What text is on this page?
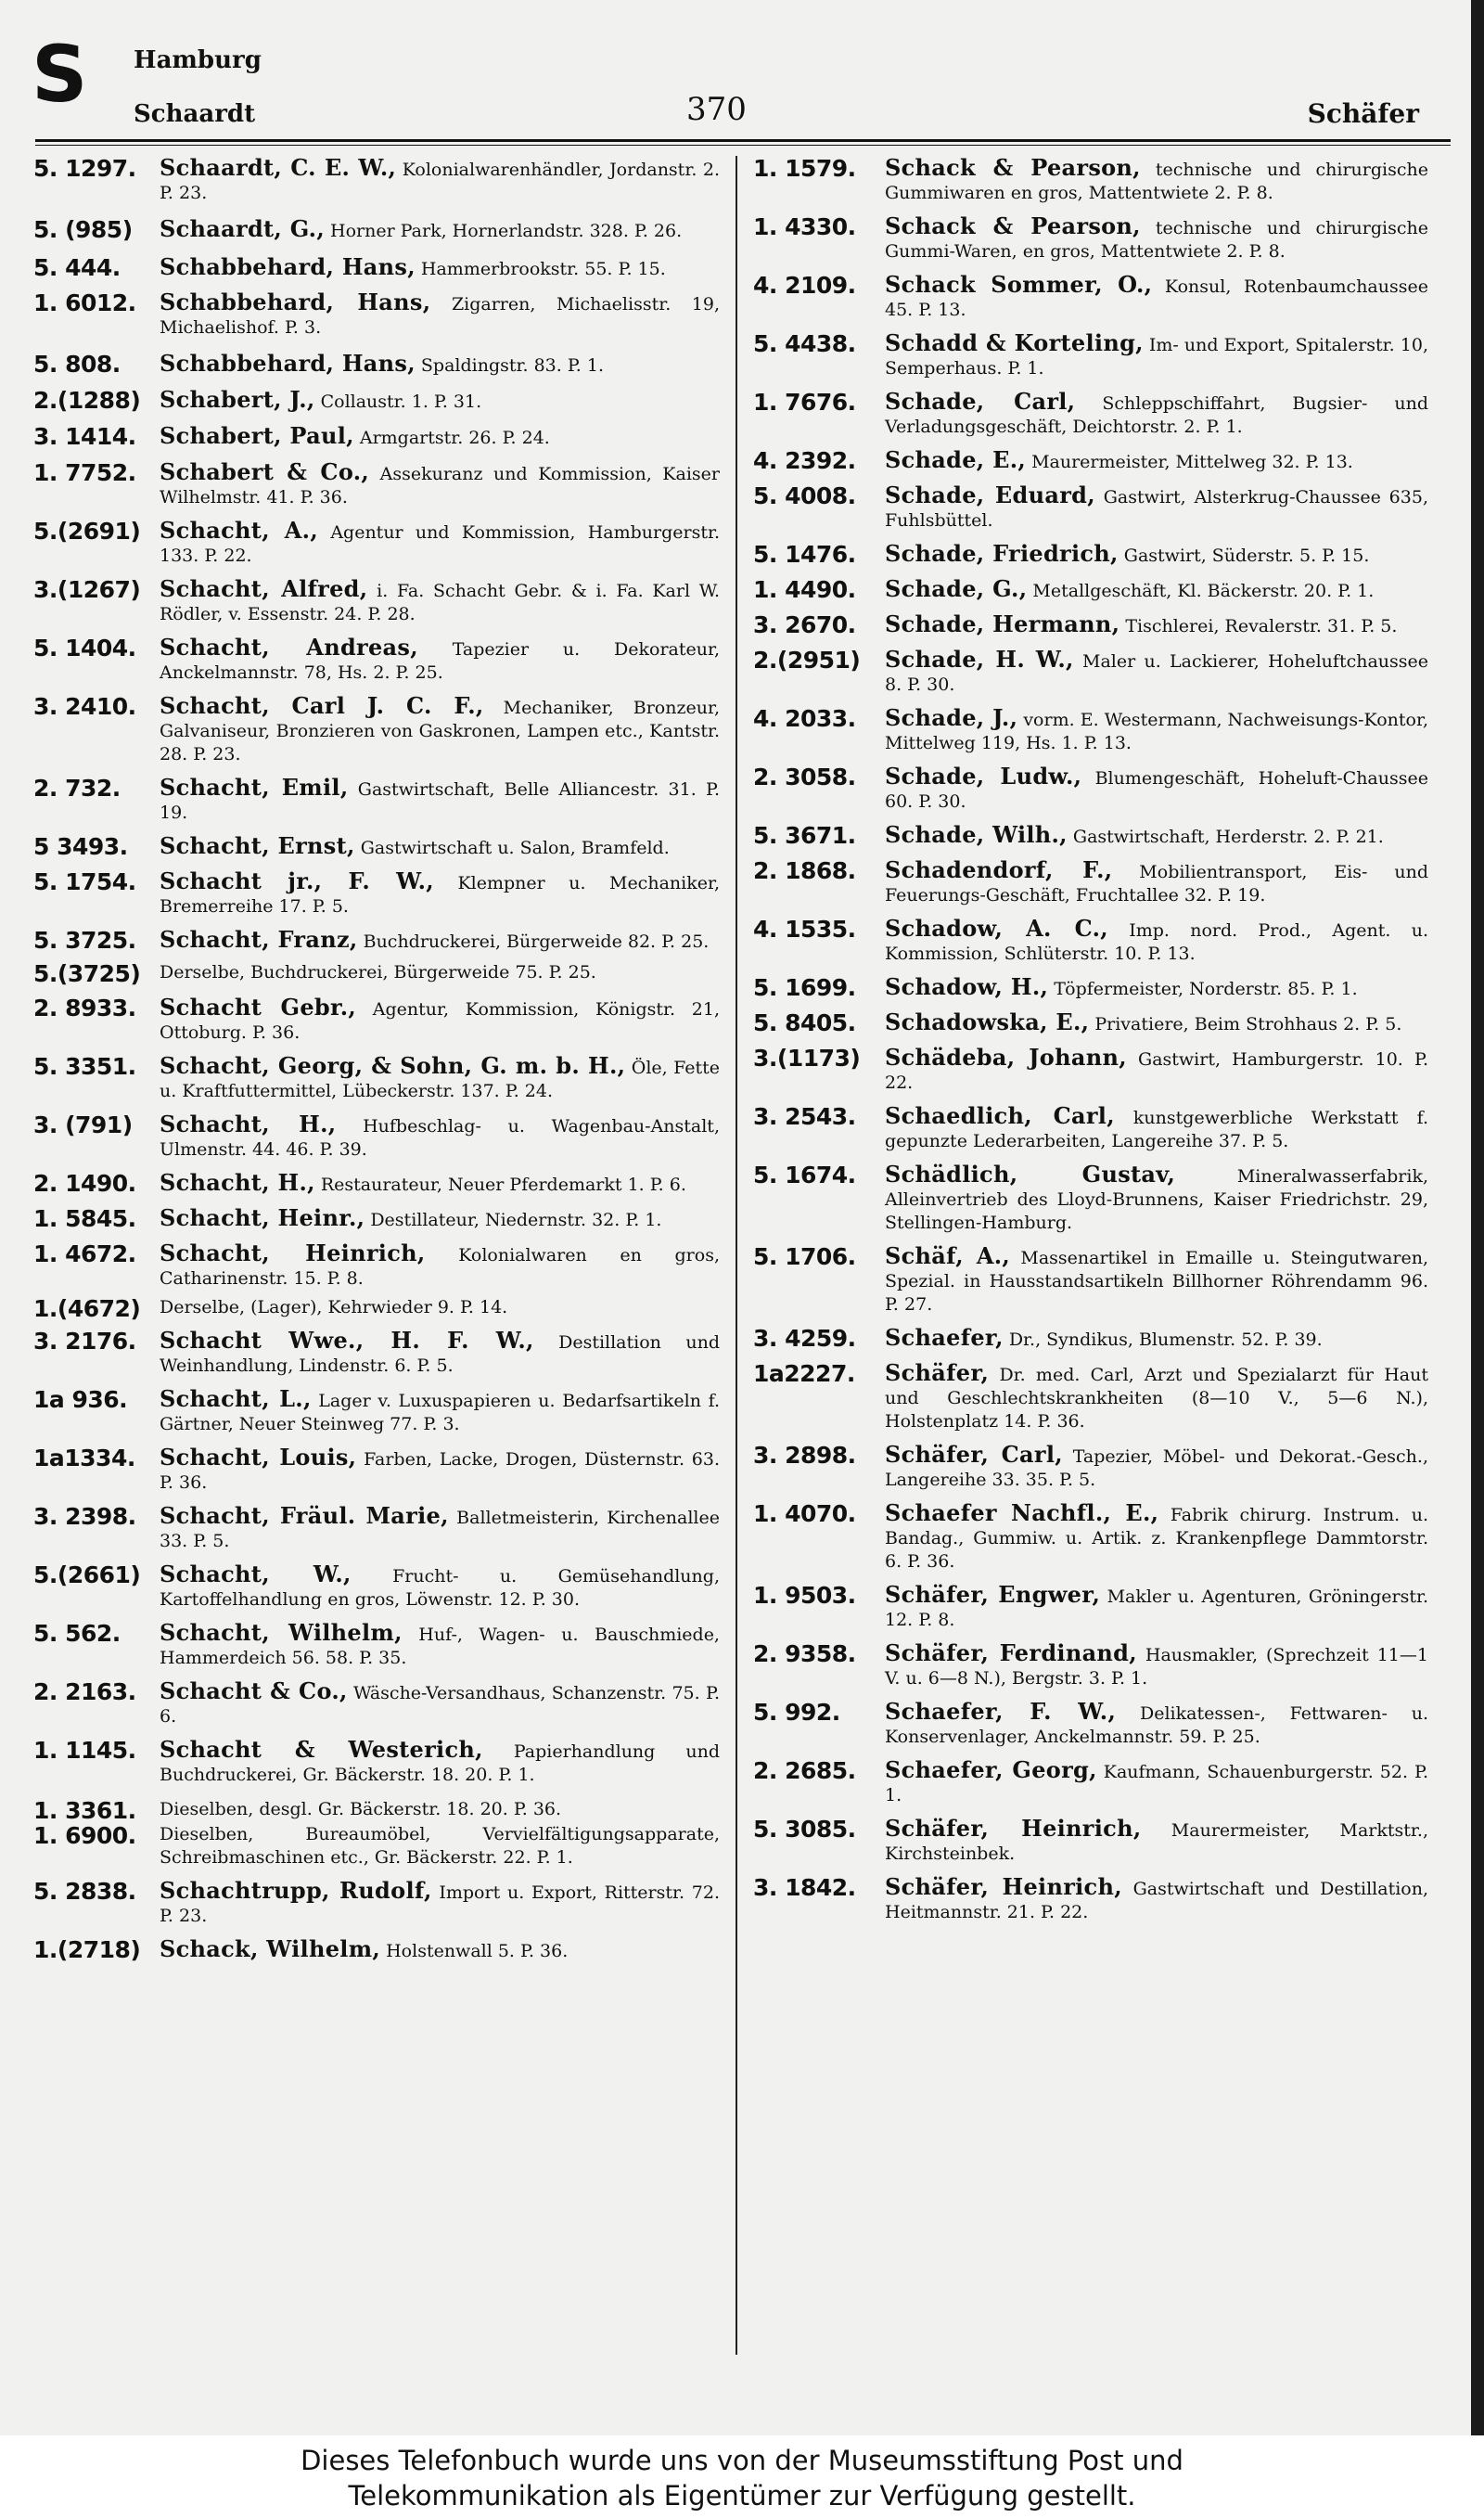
S Hamburg
Schaardt	370	Schäfer
5. 1297.	Schaardt, C. E. W., Kolonialwarenhändler, Jordanstr. 2. P. 23.
5. (985)	Schaardt, G., Horner Park, Hornerlandstr. 328. P. 26.
5. 444.	Schabbehard, Hans, Hammerbrookstr. 55. P. 15.
1. 6012.	Schabbehard, Hans, Zigarren, Michaelisstr. 19, Michaelishof. P. 3.
5. 808.	Schabbehard, Hans, Spaldingstr. 83. P. 1.
2.(1288) Schabert, J., Collaustr. 1. P. 31.
3. 1414.	Schabert, Paul, Armgartstr. 26. P. 24.
1. 7752.	Schabert & Co., Assekuranz und Kommission, Kaiser Wilhelmstr. 41. P. 36.
5.(2691) Schacht, A., Agentur und Kommission, Hamburgerstr. 133. P. 22.
3.(1267) Schacht, Alfred, i. Fa. Schacht Gebr. & i. Fa. Karl W. Rödler, v. Essenstr. 24. P. 28.
5. 1404.	Schacht, Andreas, Tapezier u. Dekorateur, Anckelmannstr. 78, Hs. 2. P. 25.
3. 2410.	Schacht, Carl J. C. F., Mechaniker, Bronzeur, Galvaniseur, Bronzieren von Gaskronen, Lampen etc., Kantstr. 28. P. 23.
2. 732.	Schacht, Emil, Gastwirtschaft, Belle Alliancestr. 31. P. 19.
5 3493.	Schacht, Ernst, Gastwirtschaft u. Salon, Bramfeld.
5. 1754.	Schacht jr., F. W., Klempner u. Mechaniker, Bremerreihe 17. P. 5.
5. 3725.	Schacht, Franz, Buchdruckerei, Bürgerweide 82. P. 25.
5.(3725)	Derselbe, Buchdruckerei, Bürgerweide 75. P. 25.
2. 8933.	Schacht Gebr., Agentur, Kommission, Königstr. 21, Ottoburg. P. 36.
5. 3351.	Schacht, Georg, & Sohn, G. m. b. H., Öle, Fette u. Kraftfuttermittel, Lübeckerstr. 137. P. 24.
3. (791)	Schacht, H., Hufbeschlag- u. Wagenbau-Anstalt, Ulmenstr. 44. 46. P. 39.
2. 1490.	Schacht, H., Restaurateur, Neuer Pferdemarkt 1. P. 6.
1. 5845.	Schacht, Heinr., Destillateur, Niedernstr. 32. P. 1.
1. 4672.	Schacht, Heinrich, Kolonialwaren en gros, Catharinenstr. 15. P. 8.
1.(4672)	Derselbe, (Lager), Kehrwieder 9. P. 14.
3. 2176.	Schacht Wwe., H. F. W., Destillation und Weinhandlung, Lindenstr. 6. P. 5.
1a 936.	Schacht, L., Lager v. Luxuspapieren u. Bedarfsartikeln f. Gärtner, Neuer Steinweg 77. P. 3.
1a1334.	Schacht, Louis, Farben, Lacke, Drogen, Düsternstr. 63. P. 36.
3. 2398.	Schacht, Fräul. Marie, Balletmeisterin, Kirchenallee 33. P. 5.
5.(2661) Schacht, W., Frucht- u. Gemüsehandlung, Kartoffelhandlung en gros, Löwenstr. 12. P. 30.
5. 562.	Schacht, Wilhelm, Huf-, Wagen- u. Bauschmiede, Hammerdeich 56. 58. P. 35.
2. 2163.	Schacht & Co., Wäsche-Versandhaus, Schanzenstr. 75. P. 6.
1. 1145.	Schacht & Westerich, Papierhandlung und Buchdruckerei, Gr. Bäckerstr. 18. 20. P. 1.
1. 3361.	Dieselben, desgl. Gr. Bäckerstr. 18. 20. P. 36.
1. 6900.	Dieselben, Bureaumöbel, Vervielfältigungsapparate, Schreibmaschinen etc., Gr. Bäckerstr. 22. P. 1.
5. 2838.	Schachtrupp, Rudolf, Import u. Export, Ritterstr. 72. P. 23.
1.(2718) Schack, Wilhelm, Holstenwall 5. P. 36.
1. 1579.	Schack & Pearson, technische und chirurgische Gummiwaren en gros, Mattentwiete 2. P. 8.
1. 4330.	Schack & Pearson, technische und chirurgische Gummi-Waren, en gros, Mattentwiete 2. P. 8.
4. 2109.	Schack Sommer, O., Konsul, Rotenbaumchaussee 45. P. 13.
5. 4438.	Schadd & Korteling, Im- und Export, Spitalerstr. 10, Semperhaus. P. 1.
1. 7676.	Schade, Carl, Schleppschiffahrt, Bugsier- und Verladungsgeschäft, Deichtorstr. 2. P. 1.
4. 2392.	Schade, E., Maurermeister, Mittelweg 32. P. 13.
5. 4008.	Schade, Eduard, Gastwirt, Alsterkrug-Chaussee 635, Fuhlsbüttel.
5. 1476.	Schade, Friedrich, Gastwirt, Süderstr. 5. P. 15.
1. 4490.	Schade, G., Metallgeschäft, Kl. Bäckerstr. 20. P. 1.
3. 2670.	Schade, Hermann, Tischlerei, Revalerstr. 31. P. 5.
2.(2951)	Schade, H. W., Maler u. Lackierer, Hoheluftchaussee 8. P. 30.
4. 2033.	Schade, J., vorm. E. Westermann, Nachweisungs-Kontor, Mittelweg 119, Hs. 1. P. 13.
2. 3058.	Schade, Ludw., Blumengeschäft, Hoheluft-Chaussee 60. P. 30.
5. 3671.	Schade, Wilh., Gastwirtschaft, Herderstr. 2. P. 21.
2. 1868.	Schadendorf, F., Mobilientransport, Eis- und Feuerungs-Geschäft, Fruchtallee 32. P. 19.
4. 1535.	Schadow, A. C., Imp. nord. Prod., Agent. u. Kommission, Schlüterstr. 10. P. 13.
5. 1699.	Schadow, H., Töpfermeister, Norderstr. 85. P. 1.
5. 8405.	Schadowska, E., Privatiere, Beim Strohhaus 2. P. 5.
3.(1173)	Schädeba, Johann, Gastwirt, Hamburgerstr. 10. P. 22.
3. 2543.	Schaedlich, Carl, kunstgewerbliche Werkstatt f. gepunzte Lederarbeiten, Langereihe 37. P. 5.
5. 1674.	Schädlich, Gustav,	Mineralwasserfabrik, Alleinvertrieb des Lloyd-Brunnens, Kaiser Friedrichstr. 29, Stellingen-Hamburg.
5. 1706.	Schäf, A., Massenartikel in Emaille u. Steingutwaren, Spezial. in Hausstandsartikeln Billhorner Röhrendamm 96. P. 27.
3. 4259.	Schaefer, Dr., Syndikus, Blumenstr. 52. P. 39.
1a2227.	Schäfer, Dr. med. Carl, Arzt und Spezialarzt für Haut und Geschlechtskrankheiten (8—10 V., 5—6 N.), Holstenplatz 14. P. 36.
3. 2898.	Schäfer, Carl, Tapezier, Möbel- und Dekorat.-Gesch., Langereihe 33. 35. P. 5.
1. 4070.	Schaefer Nachfl., E., Fabrik chirurg. Instrum. u. Bandag., Gummiw. u. Artik. z. Krankenpflege Dammtorstr. 6. P. 36.
1. 9503.	Schäfer, Engwer, Makler u. Agenturen, Gröningerstr. 12. P. 8.
2. 9358.	Schäfer, Ferdinand, Hausmakler, (Sprechzeit 11—1 V. u. 6—8 N.), Bergstr. 3. P. 1.
5. 992.	Schaefer, F. W., Delikatessen-, Fettwaren- u. Konservenlager, Anckelmannstr. 59. P. 25.
2. 2685.	Schaefer, Georg, Kaufmann, Schauenburgerstr. 52. P. 1.
5. 3085.	Schäfer, Heinrich, Maurermeister, Marktstr., Kirchsteinbek.
3. 1842.	Schäfer, Heinrich, Gastwirtschaft und Destillation, Heitmannstr. 21. P. 22.
Dieses Telefonbuch wurde uns von der Museumsstiftung Post und
Telekommunikation als Eigentümer zur Verfügung gestellt.
